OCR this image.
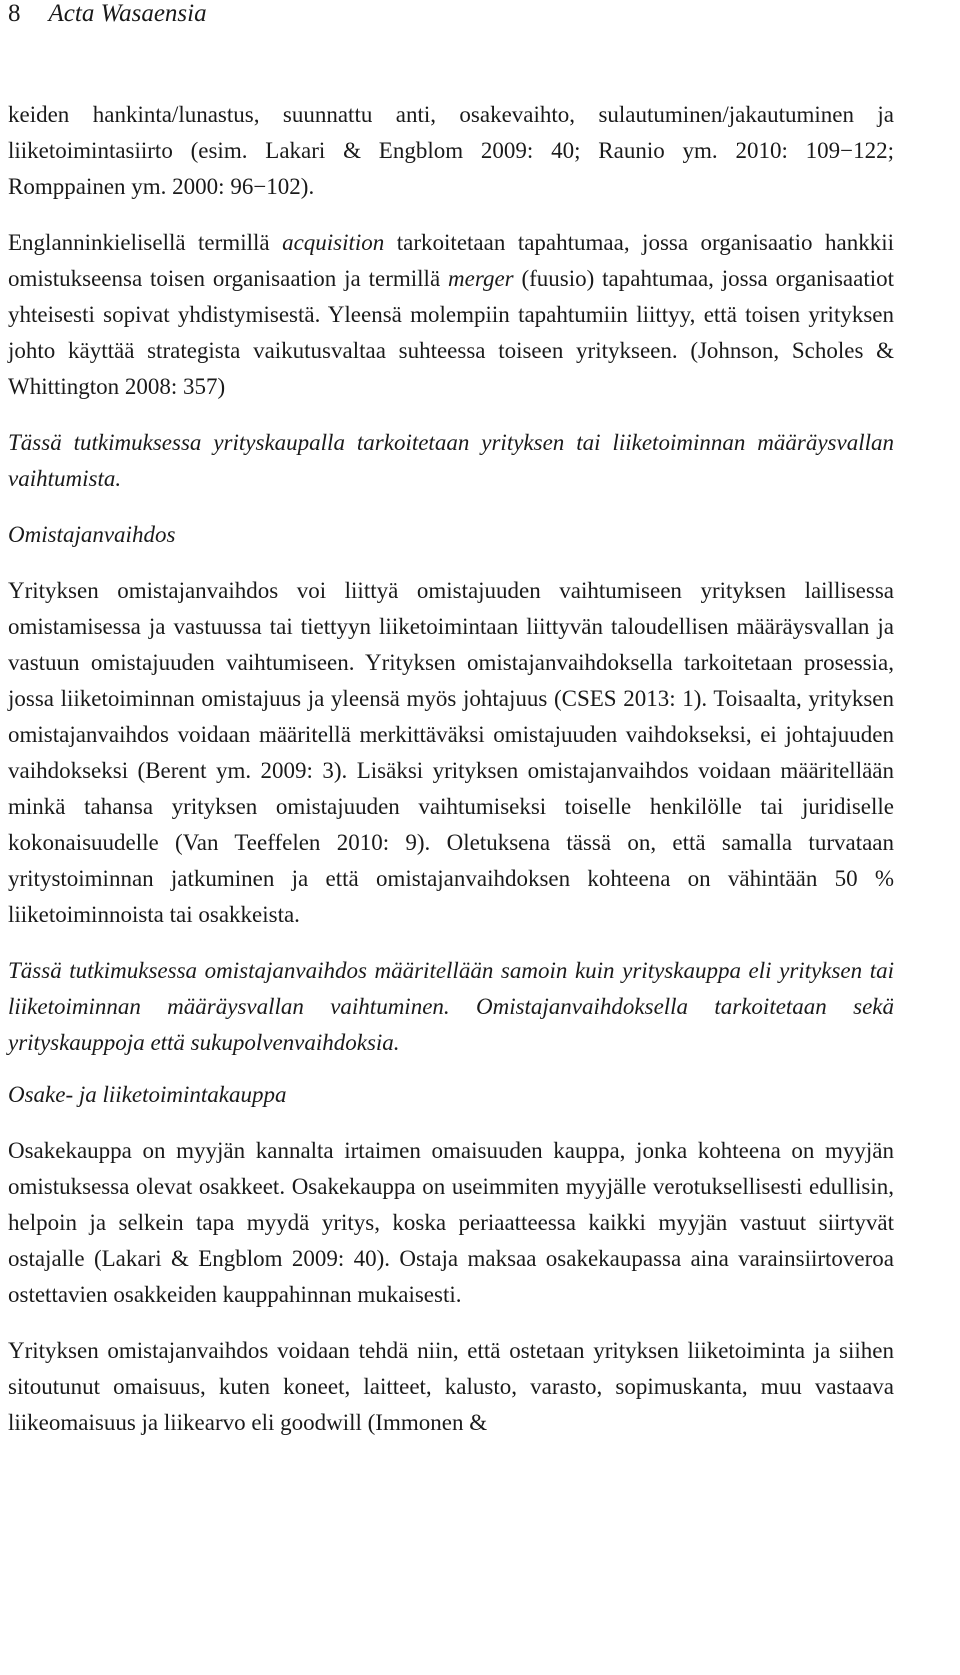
8 Acta Wasaensia

keiden hankinta/lunastus, suunnattu anti, osakevaihto, sulautuminen/jakautuminen ja liiketoimintasiirto (esim. Lakari & Engblom 2009: 40; Raunio ym. 2010: 109−122; Romppainen ym. 2000: 96−102).

Englanninkielisellä termillä acquisition tarkoitetaan tapahtumaa, jossa organisaatio hankkii omistukseensa toisen organisaation ja termillä merger (fuusio) tapahtumaa, jossa organisaatiot yhteisesti sopivat yhdistymisestä. Yleensä molempiin tapahtumiin liittyy, että toisen yrityksen johto käyttää strategista vaikutusvaltaa suhteessa toiseen yritykseen. (Johnson, Scholes & Whittington 2008: 357)

Tässä tutkimuksessa yrityskaupalla tarkoitetaan yrityksen tai liiketoiminnan määräysvallan vaihtumista.

Omistajanvaihdos

Yrityksen omistajanvaihdos voi liittyä omistajuuden vaihtumiseen yrityksen laillisessa omistamisessa ja vastuussa tai tiettyyn liiketoimintaan liittyvän taloudellisen määräysvallan ja vastuun omistajuuden vaihtumiseen. Yrityksen omistajanvaihdoksella tarkoitetaan prosessia, jossa liiketoiminnan omistajuus ja yleensä myös johtajuus (CSES 2013: 1). Toisaalta, yrityksen omistajanvaihdos voidaan määritellä merkittäväksi omistajuuden vaihdokseksi, ei johtajuuden vaihdokseksi (Berent ym. 2009: 3). Lisäksi yrityksen omistajanvaihdos voidaan määritellään minkä tahansa yrityksen omistajuuden vaihtumiseksi toiselle henkilölle tai juridiselle kokonaisuudelle (Van Teeffelen 2010: 9). Oletuksena tässä on, että samalla turvataan yritystoiminnan jatkuminen ja että omistajanvaihdoksen kohteena on vähintään 50 % liiketoiminnoista tai osakkeista.

Tässä tutkimuksessa omistajanvaihdos määritellään samoin kuin yrityskauppa eli yrityksen tai liiketoiminnan määräysvallan vaihtuminen. Omistajanvaihdoksella tarkoitetaan sekä yrityskauppoja että sukupolvenvaihdoksia.

Osake- ja liiketoimintakauppa

Osakekauppa on myyjän kannalta irtaimen omaisuuden kauppa, jonka kohteena on myyjän omistuksessa olevat osakkeet. Osakekauppa on useimmiten myyjälle verotuksellisesti edullisin, helpoin ja selkein tapa myydä yritys, koska periaatteessa kaikki myyjän vastuut siirtyvät ostajalle (Lakari & Engblom 2009: 40). Ostaja maksaa osakekaupassa aina varainsiirtoveroa ostettavien osakkeiden kauppahinnan mukaisesti.

Yrityksen omistajanvaihdos voidaan tehdä niin, että ostetaan yrityksen liiketoiminta ja siihen sitoutunut omaisuus, kuten koneet, laitteet, kalusto, varasto, sopimuskanta, muu vastaava liikeomaisuus ja liikearvo eli goodwill (Immonen &
